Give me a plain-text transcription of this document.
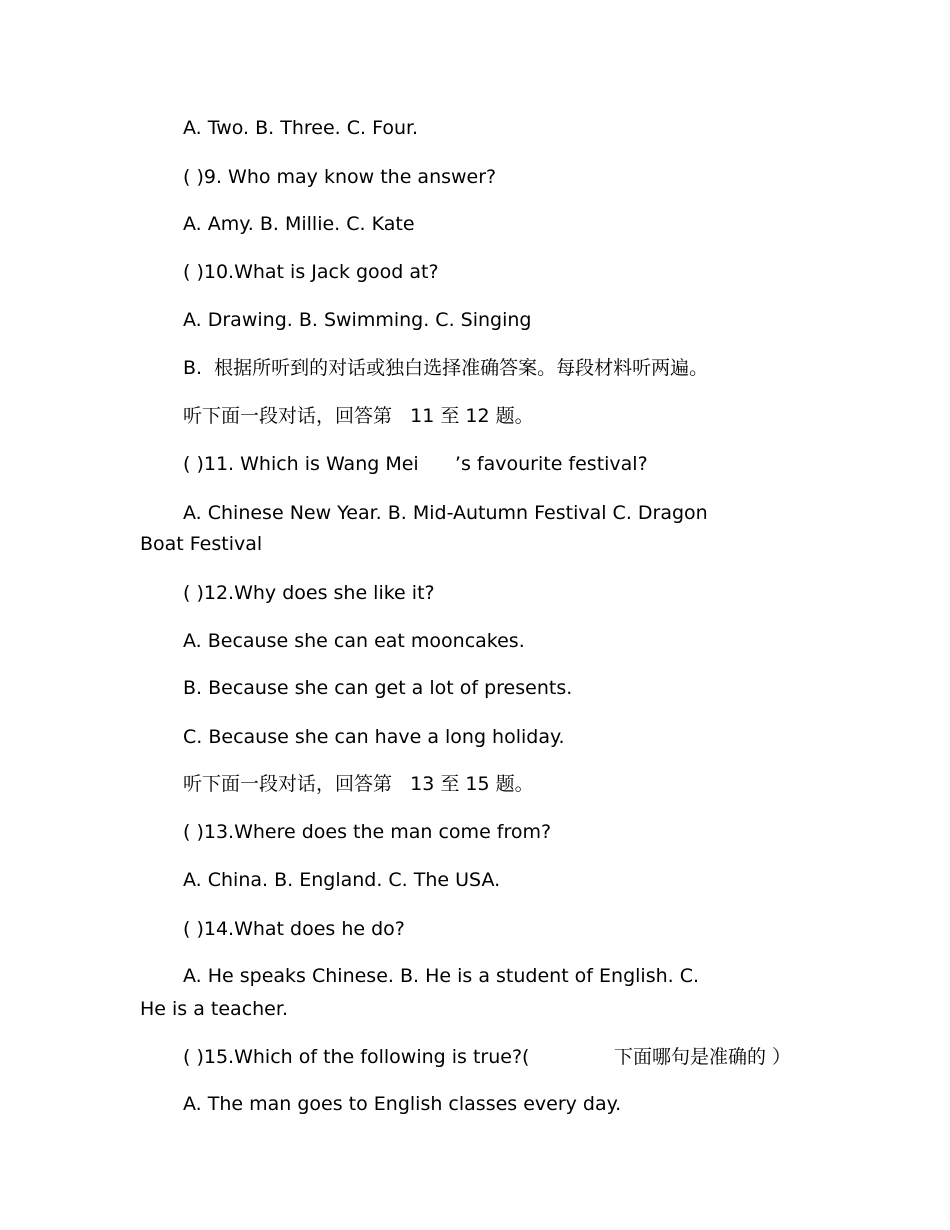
A. Two. B. Three. C. Four.
( )9. Who may know the answer?
A. Amy. B. Millie. C. Kate
( )10.What is Jack good at?
A. Drawing. B. Swimming. C. Singing
B.  根据所听到的对话或独白选择准确答案。每段材料听两遍。
听下面一段对话，回答第   11 至 12 题。
( )11. Which is Wang Mei      ’s favourite festival?
A. Chinese New Year. B. Mid-Autumn Festival C. Dragon
Boat Festival
( )12.Why does she like it?
A. Because she can eat mooncakes.
B. Because she can get a lot of presents.
C. Because she can have a long holiday.
听下面一段对话，回答第   13 至 15 题。
( )13.Where does the man come from?
A. China. B. England. C. The USA.
( )14.What does he do?
A. He speaks Chinese. B. He is a student of English. C.
He is a teacher.
( )15.Which of the following is true?(              下面哪句是准确的 ）
A. The man goes to English classes every day.
